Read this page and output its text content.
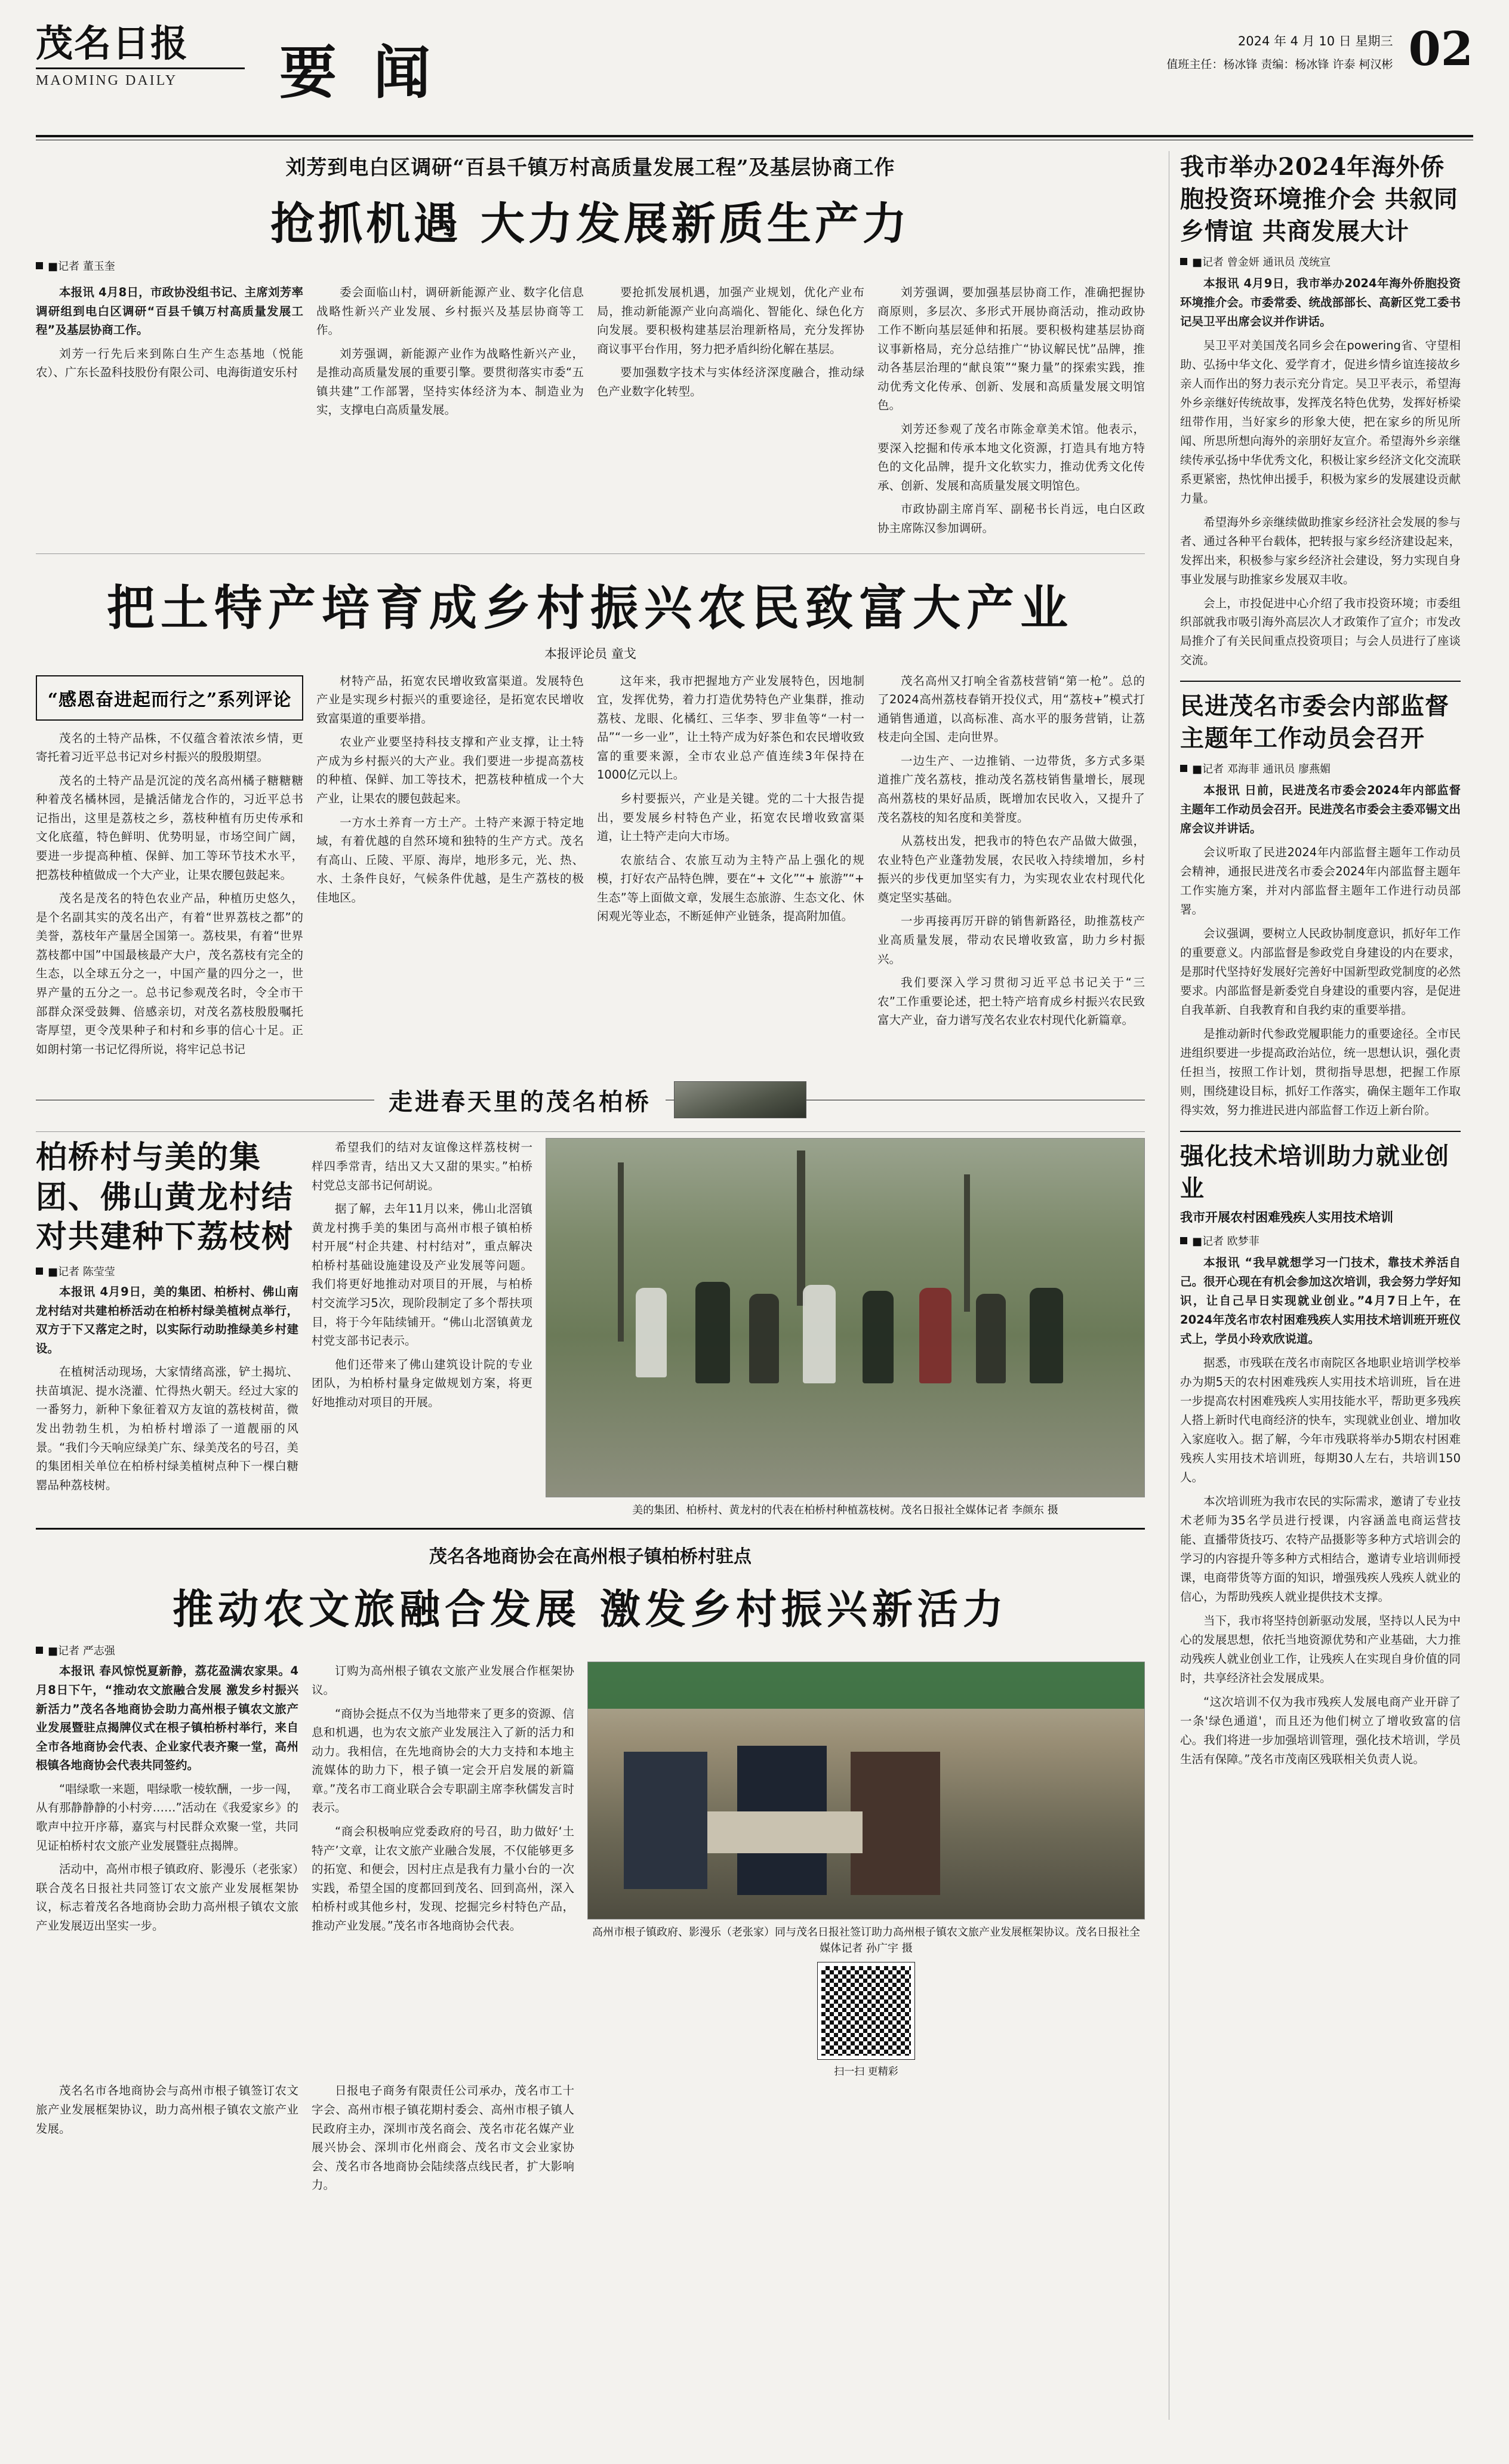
茂名日报
MAOMING DAILY	要 闻	2024 年 4 月 10 日 星期三
值班主任：杨冰锋 责编：杨冰锋 许泰 柯汉彬 02
刘芳到电白区调研“百县千镇万村高质量发展工程”及基层协商工作
抢抓机遇 大力发展新质生产力
■记者 董玉奎

本报讯 4月8日，市政协没组书记、主席刘芳率调研组到电白区调研“百县千镇万村高质量发展工程”及基层协商工作。

刘芳一行先后来到陈白生产生态基地（悦能农）、广东长盈科技股份有限公司、电海街道安乐村

委会面临山村，调研新能源产业、数字化信息战略性新兴产业发展、乡村振兴及基层协商等工作。

刘芳强调，新能源产业作为战略性新兴产业，是推动高质量发展的重要引擎。要贯彻落实市委“五镇共建”工作部署，坚持实体经济为本、制造业为实，支撑电白高质量发展。

要抢抓发展机遇，加强产业规划，优化产业布局，推动新能源产业向高端化、智能化、绿色化方向发展。要积极构建基层治理新格局，充分发挥协商议事平台作用，努力把矛盾纠纷化解在基层。

要加强数字技术与实体经济深度融合，推动绿色产业数字化转型。

刘芳强调，要加强基层协商工作，准确把握协商原则，多层次、多形式开展协商活动，推动政协工作不断向基层延伸和拓展。要积极构建基层协商议事新格局，充分总结推广“协议解民忧”品牌，推动各基层治理的“献良策”“聚力量”的探索实践，推动优秀文化传承、创新、发展和高质量发展文明馆色。

刘芳还参观了茂名市陈金章美术馆。他表示，要深入挖掘和传承本地文化资源，打造具有地方特色的文化品牌，提升文化软实力，推动优秀文化传承、创新、发展和高质量发展文明馆色。

市政协副主席肖军、副秘书长肖远，电白区政协主席陈汉参加调研。

把土特产培育成乡村振兴农民致富大产业
本报评论员 童戈
“感恩奋进起而行之”系列评论

茂名的土特产品株，不仅蕴含着浓浓乡情，更寄托着习近平总书记对乡村振兴的殷殷期望。

茂名的土特产品是沉淀的茂名高州橘子糖糖糖种着茂名橘林园，是撬活储龙合作的，习近平总书记指出，这里是荔枝之乡，荔枝种植有历史传承和文化底蕴，特色鲜明、优势明显，市场空间广阔，要进一步提高种植、保鲜、加工等环节技术水平，把荔枝种植做成一个大产业，让果农腰包鼓起来。

茂名是茂名的特色农业产品，种植历史悠久，是个名副其实的茂名出产，有着“世界荔枝之都”的美誉，荔枝年产量居全国第一。荔枝果，有着“世界荔枝都中国”中国最核最产大户，茂名荔枝有完全的生态，以全球五分之一，中国产量的四分之一，世界产量的五分之一。总书记参观茂名时，令全市干部群众深受鼓舞、倍感亲切，对茂名荔枝殷殷嘱托寄厚望，更令茂果种子和村和乡事的信心十足。正如朗村第一书记忆得所说，将牢记总书记

材特产品，拓宽农民增收致富渠道。发展特色产业是实现乡村振兴的重要途径，是拓宽农民增收致富渠道的重要举措。

农业产业要坚持科技支撑和产业支撑，让土特产成为乡村振兴的大产业。我们要进一步提高荔枝的种植、保鲜、加工等技术，把荔枝种植成一个大产业，让果农的腰包鼓起来。

一方水土养育一方土产。土特产来源于特定地域，有着优越的自然环境和独特的生产方式。茂名有高山、丘陵、平原、海岸，地形多元，光、热、水、土条件良好，气候条件优越，是生产荔枝的极佳地区。

这年来，我市把握地方产业发展特色，因地制宜，发挥优势，着力打造优势特色产业集群，推动荔枝、龙眼、化橘红、三华李、罗非鱼等“一村一品”“一乡一业”，让土特产成为好茶色和农民增收致富的重要来源，全市农业总产值连续3年保持在1000亿元以上。

乡村要振兴，产业是关键。党的二十大报告提出，要发展乡村特色产业，拓宽农民增收致富渠道，让土特产走向大市场。

农旅结合、农旅互动为主特产品上强化的规模，打好农产品特色牌，要在“+ 文化”“+ 旅游”“+ 生态”等上面做文章，发展生态旅游、生态文化、休闲观光等业态，不断延伸产业链条，提高附加值。

茂名高州又打响全省荔枝营销“第一枪”。总的了2024高州荔枝春销开投仪式，用“荔枝+”模式打通销售通道，以高标准、高水平的服务营销，让荔枝走向全国、走向世界。

一边生产、一边推销、一边带货，多方式多渠道推广茂名荔枝，推动茂名荔枝销售量增长，展现高州荔枝的果好品质，既增加农民收入，又提升了茂名荔枝的知名度和美誉度。

从荔枝出发，把我市的特色农产品做大做强，农业特色产业蓬勃发展，农民收入持续增加，乡村振兴的步伐更加坚实有力，为实现农业农村现代化奠定坚实基础。

一步再接再厉开辟的销售新路径，助推荔枝产业高质量发展，带动农民增收致富，助力乡村振兴。

我们要深入学习贯彻习近平总书记关于“三农”工作重要论述，把土特产培育成乡村振兴农民致富大产业，奋力谱写茂名农业农村现代化新篇章。

走进春天里的茂名柏桥
柏桥村与美的集团、佛山黄龙村结对共建种下荔枝树
■记者 陈莹莹

本报讯 4月9日，美的集团、柏桥村、佛山南龙村结对共建柏桥活动在柏桥村绿美植树点举行，双方于下又落定之时，以实际行动助推绿美乡村建设。

在植树活动现场，大家情绪高涨，铲土揭坑、扶苗填泥、提水浇灌、忙得热火朝天。经过大家的一番努力，新种下象征着双方友谊的荔枝树苗，微发出勃勃生机，为柏桥村增添了一道靓丽的风景。“我们今天响应绿美广东、绿美茂名的号召，美的集团相关单位在柏桥村绿美植树点种下一棵白糖罂品种荔枝树。

希望我们的结对友谊像这样荔枝树一样四季常青，结出又大又甜的果实。”柏桥村党总支部书记何胡说。

据了解，去年11月以来，佛山北滘镇黄龙村携手美的集团与高州市根子镇柏桥村开展“村企共建、村村结对”，重点解决柏桥村基础设施建设及产业发展等问题。我们将更好地推动对项目的开展，与柏桥村交流学习5次，现阶段制定了多个帮扶项目，将于今年陆续铺开。“佛山北滘镇黄龙村党支部书记表示。

他们还带来了佛山建筑设计院的专业团队，为柏桥村量身定做规划方案，将更好地推动对项目的开展。

美的集团、柏桥村、黄龙村的代表在柏桥村种植荔枝树。茂名日报社全媒体记者 李颜东 摄
茂名各地商协会在高州根子镇柏桥村驻点
推动农文旅融合发展 激发乡村振兴新活力
■记者 严志强

本报讯 春风惊悦夏新静，荔花盈满农家果。4月8日下午，“推动农文旅融合发展 激发乡村振兴新活力”茂名各地商协会助力高州根子镇农文旅产业发展暨驻点揭牌仪式在根子镇柏桥村举行，来自全市各地商协会代表、企业家代表齐聚一堂，高州根镇各地商协会代表共同签约。

“唱绿歌一来题，唱绿歌一棱软酬，一步一闯，从有那静静静的小村旁……”活动在《我爱家乡》的歌声中拉开序幕，嘉宾与村民群众欢聚一堂，共同见证柏桥村农文旅产业发展暨驻点揭牌。

活动中，高州市根子镇政府、影漫乐（老张家）联合茂名日报社共同签订农文旅产业发展框架协议，标志着茂名各地商协会助力高州根子镇农文旅产业发展迈出坚实一步。

订购为高州根子镇农文旅产业发展合作框架协议。

“商协会挺点不仅为当地带来了更多的资源、信息和机遇，也为农文旅产业发展注入了新的活力和动力。我相信，在先地商协会的大力支持和本地主流媒体的助力下，根子镇一定会开启发展的新篇章。”茂名市工商业联合会专职副主席李秋儒发言时表示。

“商会积极响应党委政府的号召，助力做好‘土特产’文章，让农文旅产业融合发展，不仅能够更多的拓宽、和便会，因村庄点是我有力量小台的一次实践，希望全国的度都回到茂名、回到高州，深入柏桥村或其他乡村，发现、挖掘完乡村特色产品，推动产业发展。”茂名市各地商协会代表。	高州市根子镇政府、影漫乐（老张家）同与茂名日报社签订助力高州根子镇农文旅产业发展框架协议。茂名日报社全媒体记者 孙广宇 摄
扫一扫 更精彩

茂名名市各地商协会与高州市根子镇签订农文旅产业发展框架协议，助力高州根子镇农文旅产业发展。

日报电子商务有限责任公司承办，茂名市工十字会、高州市根子镇花期村委会、高州市根子镇人民政府主办，深圳市茂名商会、茂名市花名媒产业展兴协会、深圳市化州商会、茂名市文会业家协会、茂名市各地商协会陆续落点线民者，扩大影响力。

我市举办2024年海外侨胞投资环境推介会 共叙同乡情谊 共商发展大计
■记者 曾金妍 通讯员 茂统宣

本报讯 4月9日，我市举办2024年海外侨胞投资环境推介会。市委常委、统战部部长、高新区党工委书记吴卫平出席会议并作讲话。

吴卫平对美国茂名同乡会在powering省、守望相助、弘扬中华文化、爱学育才，促进乡情乡谊连接故乡亲人而作出的努力表示充分肯定。吴卫平表示，希望海外乡亲继好传统故事，发挥茂名特色优势，发挥好桥梁纽带作用，当好家乡的形象大使，把在家乡的所见所闻、所思所想向海外的亲朋好友宣介。希望海外乡亲继续传承弘扬中华优秀文化，积极让家乡经济文化交流联系更紧密，热忱伸出援手，积极为家乡的发展建设贡献力量。

希望海外乡亲继续做助推家乡经济社会发展的参与者、通过各种平台载体，把转报与家乡经济建设起来，发挥出来，积极参与家乡经济社会建设，努力实现自身事业发展与助推家乡发展双丰收。

会上，市投促进中心介绍了我市投资环境；市委组织部就我市吸引海外高层次人才政策作了宣介；市发改局推介了有关民间重点投资项目；与会人员进行了座谈交流。

民进茂名市委会内部监督主题年工作动员会召开
■记者 邓海菲 通讯员 廖燕媚

本报讯 日前，民进茂名市委会2024年内部监督主题年工作动员会召开。民进茂名市委会主委邓锡文出席会议并讲话。

会议听取了民进2024年内部监督主题年工作动员会精神，通报民进茂名市委会2024年内部监督主题年工作实施方案，并对内部监督主题年工作进行动员部署。

会议强调，要树立人民政协制度意识，抓好年工作的重要意义。内部监督是参政党自身建设的内在要求，是那时代坚持好发展好完善好中国新型政党制度的必然要求。内部监督是新委党自身建设的重要内容，是促进自我革新、自我教育和自我约束的重要举措。

是推动新时代参政党履职能力的重要途径。全市民进组织要进一步提高政治站位，统一思想认识，强化责任担当，按照工作计划，贯彻指导思想，把握工作原则，围绕建设目标，抓好工作落实，确保主题年工作取得实效，努力推进民进内部监督工作迈上新台阶。

强化技术培训助力就业创业
我市开展农村困难残疾人实用技术培训
■记者 欧梦菲

本报讯 “我早就想学习一门技术，靠技术养活自己。很开心现在有机会参加这次培训，我会努力学好知识，让自己早日实现就业创业。”4月7日上午，在2024年茂名市农村困难残疾人实用技术培训班开班仪式上，学员小玲欢欣说道。

据悉，市残联在茂名市南院区各地职业培训学校举办为期5天的农村困难残疾人实用技术培训班，旨在进一步提高农村困难残疾人实用技能水平，帮助更多残疾人搭上新时代电商经济的快车，实现就业创业、增加收入家庭收入。据了解，今年市残联将举办5期农村困难残疾人实用技术培训班，每期30人左右，共培训150人。

本次培训班为我市农民的实际需求，邀请了专业技术老师为35名学员进行授课，内容涵盖电商运营技能、直播带货技巧、农特产品摄影等多种方式培训会的学习的内容提升等多种方式相结合，邀请专业培训师授课，电商带货等方面的知识，增强残疾人残疾人就业的信心，为帮助残疾人就业提供技术支撑。

当下，我市将坚持创新驱动发展，坚持以人民为中心的发展思想，依托当地资源优势和产业基础，大力推动残疾人就业创业工作，让残疾人在实现自身价值的同时，共享经济社会发展成果。

“这次培训不仅为我市残疾人发展电商产业开辟了一条'绿色通道'，而且还为他们树立了增收致富的信心。我们将进一步加强培训管理，强化技术培训，学员生活有保障。”茂名市茂南区残联相关负责人说。
